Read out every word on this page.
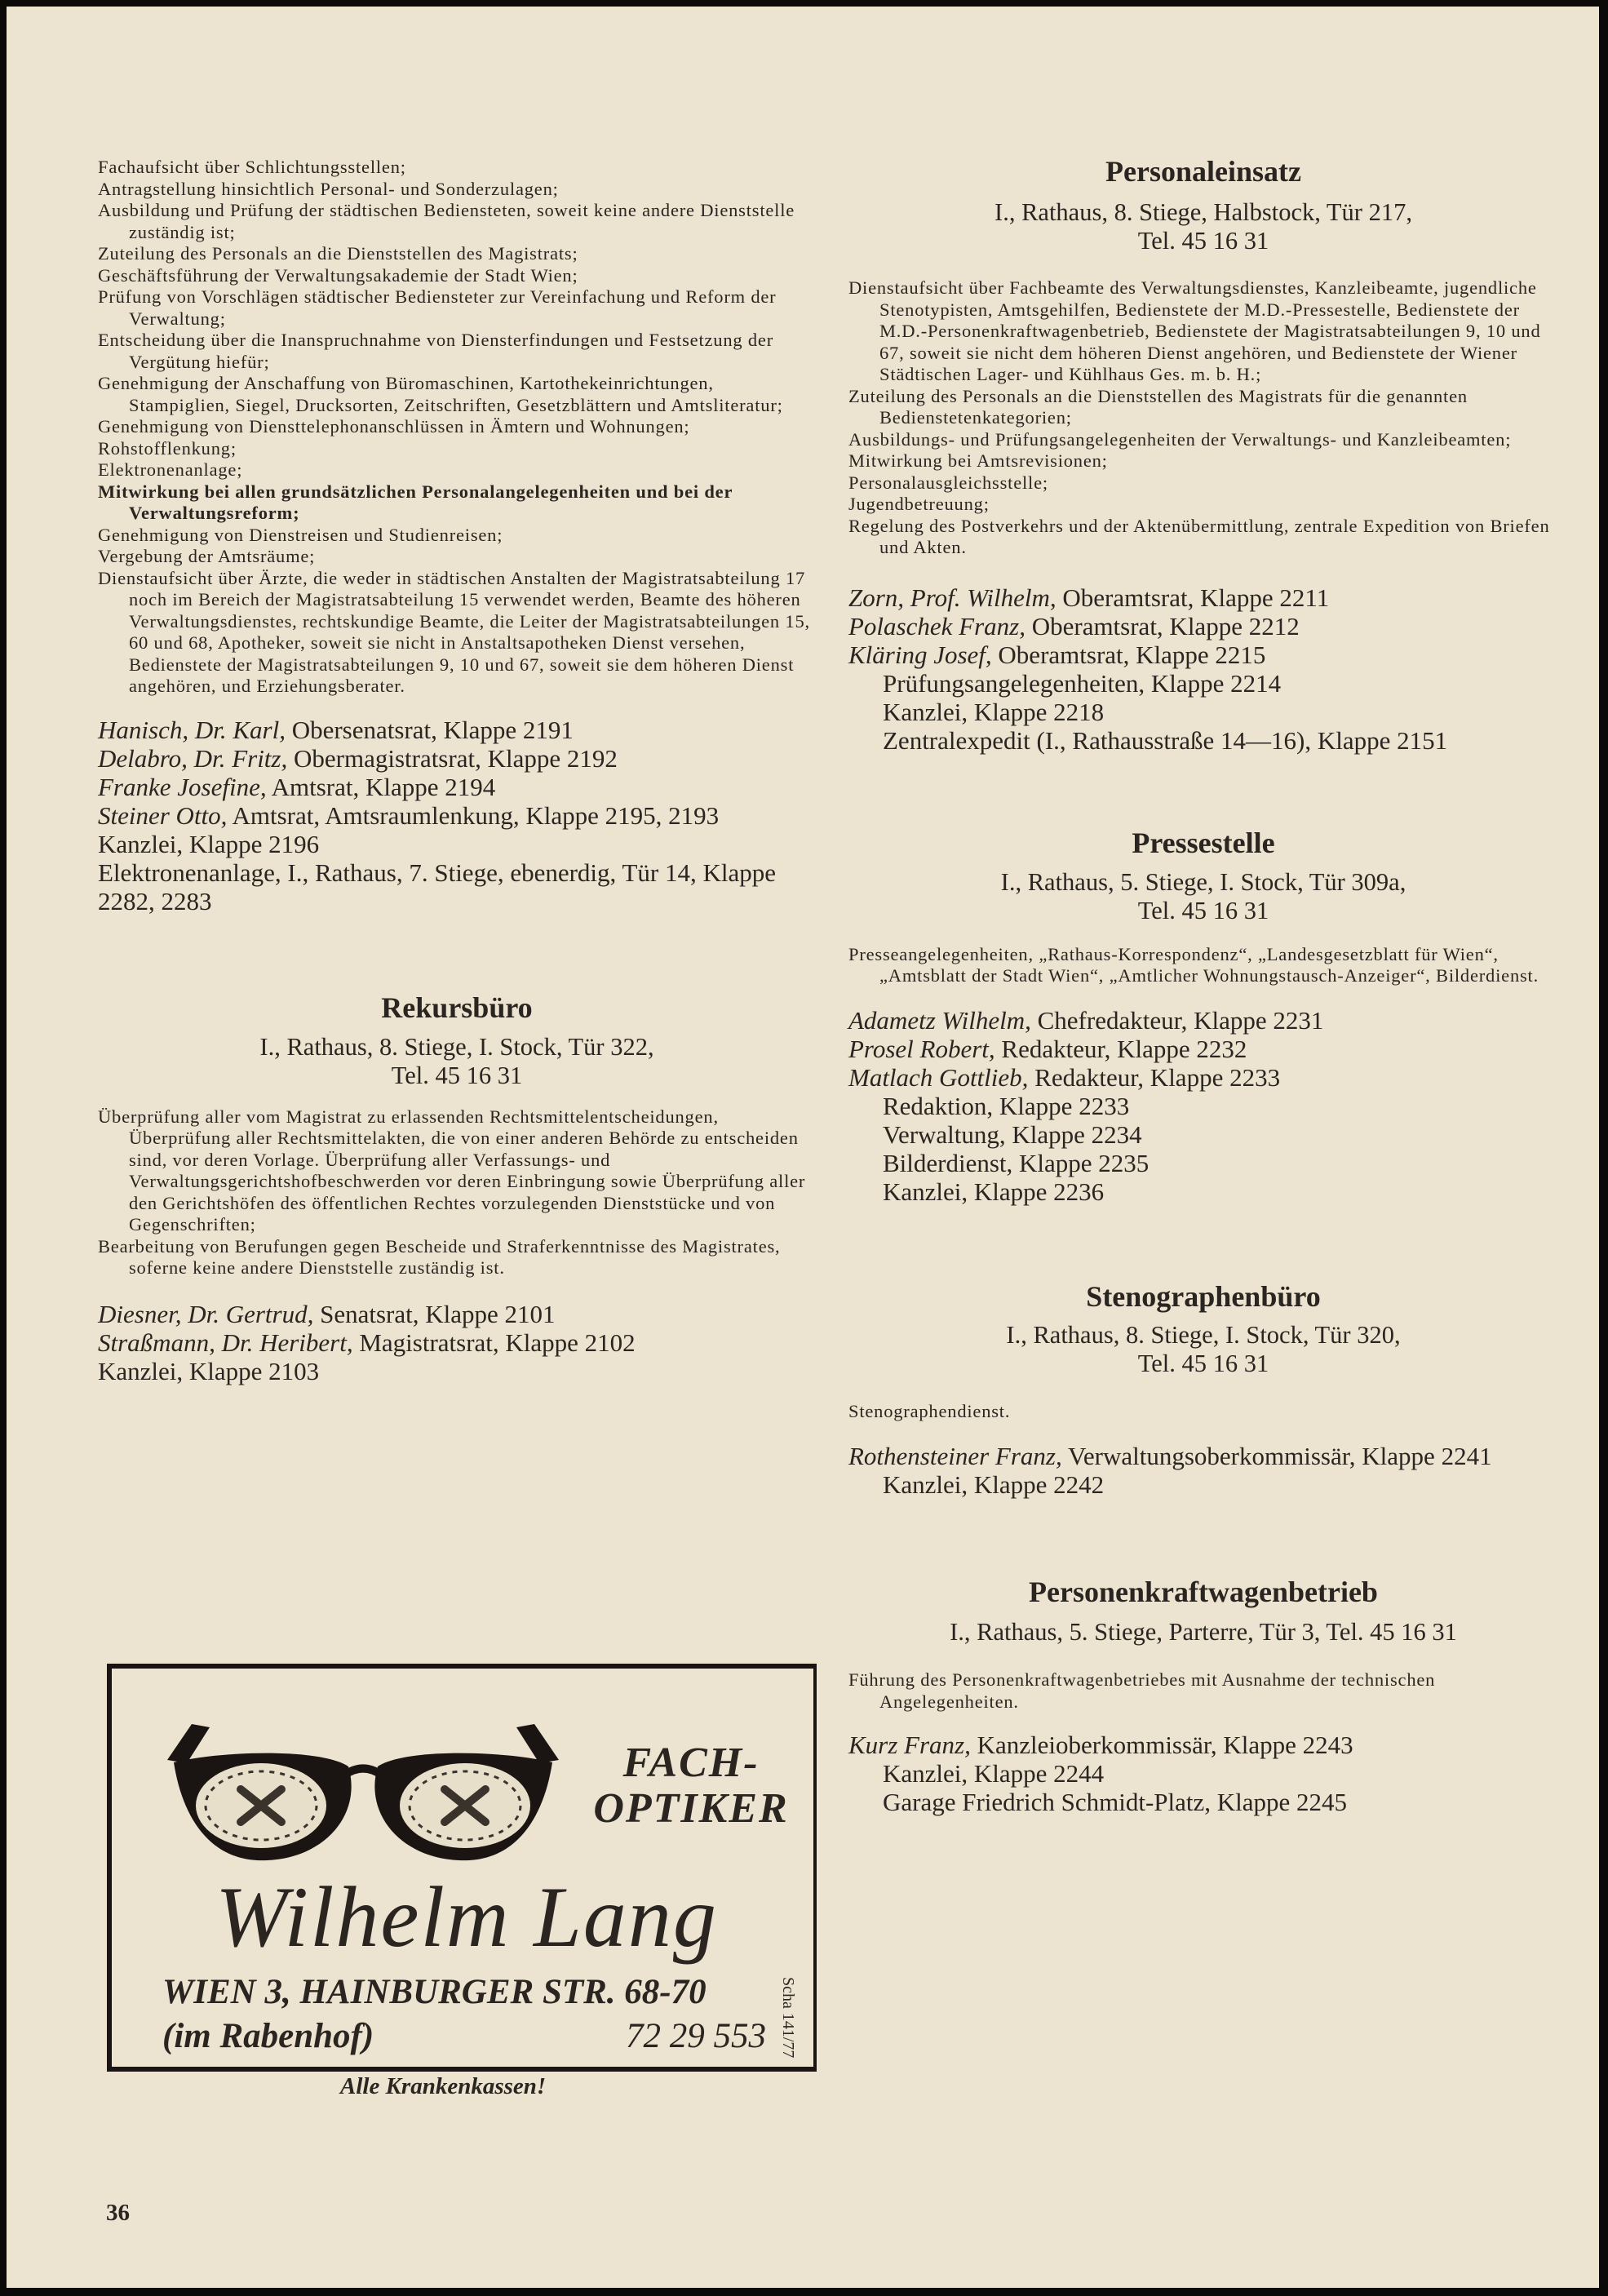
Fachaufsicht über Schlichtungsstellen;
Antragstellung hinsichtlich Personal- und Sonderzulagen;
Ausbildung und Prüfung der städtischen Bediensteten, soweit keine andere Dienststelle zuständig ist;
Zuteilung des Personals an die Dienststellen des Magistrats;
Geschäftsführung der Verwaltungsakademie der Stadt Wien;
Prüfung von Vorschlägen städtischer Bediensteter zur Vereinfachung und Reform der Verwaltung;
Entscheidung über die Inanspruchnahme von Diensterfindungen und Festsetzung der Vergütung hiefür;
Genehmigung der Anschaffung von Büromaschinen, Kartothekeinrichtungen, Stampiglien, Siegel, Drucksorten, Zeitschriften, Gesetzblättern und Amtsliteratur;
Genehmigung von Diensttelephonanschlüssen in Ämtern und Wohnungen;
Rohstofflenkung;
Elektronenanlage;
Mitwirkung bei allen grundsätzlichen Personalangelegenheiten und bei der Verwaltungsreform;
Genehmigung von Dienstreisen und Studienreisen;
Vergebung der Amtsräume;
Dienstaufsicht über Ärzte, die weder in städtischen Anstalten der Magistratsabteilung 17 noch im Bereich der Magistratsabteilung 15 verwendet werden, Beamte des höheren Verwaltungsdienstes, rechtskundige Beamte, die Leiter der Magistratsabteilungen 15, 60 und 68, Apotheker, soweit sie nicht in Anstaltsapotheken Dienst versehen, Bedienstete der Magistratsabteilungen 9, 10 und 67, soweit sie dem höheren Dienst angehören, und Erziehungsberater.
Hanisch, Dr. Karl, Obersenatsrat, Klappe 2191
Delabro, Dr. Fritz, Obermagistratsrat, Klappe 2192
Franke Josefine, Amtsrat, Klappe 2194
Steiner Otto, Amtsrat, Amtsraumlenkung, Klappe 2195, 2193
Kanzlei, Klappe 2196
Elektronenanlage, I., Rathaus, 7. Stiege, ebenerdig, Tür 14, Klappe 2282, 2283
Rekursbüro
I., Rathaus, 8. Stiege, I. Stock, Tür 322,
Tel. 45 16 31
Überprüfung aller vom Magistrat zu erlassenden Rechtsmittelentscheidungen, Überprüfung aller Rechtsmittelakten, die von einer anderen Behörde zu entscheiden sind, vor deren Vorlage. Überprüfung aller Verfassungs- und Verwaltungsgerichtshofbeschwerden vor deren Einbringung sowie Überprüfung aller den Gerichtshöfen des öffentlichen Rechtes vorzulegenden Dienststücke und von Gegenschriften;
Bearbeitung von Berufungen gegen Bescheide und Straferkenntnisse des Magistrates, soferne keine andere Dienststelle zuständig ist.
Diesner, Dr. Gertrud, Senatsrat, Klappe 2101
Straßmann, Dr. Heribert, Magistratsrat, Klappe 2102
Kanzlei, Klappe 2103
FACH-
OPTIKER
Wilhelm Lang
WIEN 3, HAINBURGER STR. 68-70
(im Rabenhof)	72 29 553
Alle Krankenkassen!
Scha 141/77
36
Personaleinsatz
I., Rathaus, 8. Stiege, Halbstock, Tür 217,
Tel. 45 16 31
Dienstaufsicht über Fachbeamte des Verwaltungsdienstes, Kanzleibeamte, jugendliche Stenotypisten, Amtsgehilfen, Bedienstete der M.D.-Pressestelle, Bedienstete der M.D.-Personenkraftwagenbetrieb, Bedienstete der Magistratsabteilungen 9, 10 und 67, soweit sie nicht dem höheren Dienst angehören, und Bedienstete der Wiener Städtischen Lager- und Kühlhaus Ges. m. b. H.;
Zuteilung des Personals an die Dienststellen des Magistrats für die genannten Bedienstetenkategorien;
Ausbildungs- und Prüfungsangelegenheiten der Verwaltungs- und Kanzleibeamten;
Mitwirkung bei Amtsrevisionen;
Personalausgleichsstelle;
Jugendbetreuung;
Regelung des Postverkehrs und der Aktenübermittlung, zentrale Expedition von Briefen und Akten.
Zorn, Prof. Wilhelm, Oberamtsrat, Klappe 2211
Polaschek Franz, Oberamtsrat, Klappe 2212
Kläring Josef, Oberamtsrat, Klappe 2215
Prüfungsangelegenheiten, Klappe 2214
Kanzlei, Klappe 2218
Zentralexpedit (I., Rathausstraße 14—16), Klappe 2151
Pressestelle
I., Rathaus, 5. Stiege, I. Stock, Tür 309a,
Tel. 45 16 31
Presseangelegenheiten, „Rathaus-Korrespondenz“, „Landesgesetzblatt für Wien“, „Amtsblatt der Stadt Wien“, „Amtlicher Wohnungstausch-Anzeiger“, Bilderdienst.
Adametz Wilhelm, Chefredakteur, Klappe 2231
Prosel Robert, Redakteur, Klappe 2232
Matlach Gottlieb, Redakteur, Klappe 2233
Redaktion, Klappe 2233
Verwaltung, Klappe 2234
Bilderdienst, Klappe 2235
Kanzlei, Klappe 2236
Stenographenbüro
I., Rathaus, 8. Stiege, I. Stock, Tür 320,
Tel. 45 16 31
Stenographendienst.
Rothensteiner Franz, Verwaltungsoberkommissär, Klappe 2241
Kanzlei, Klappe 2242
Personenkraftwagenbetrieb
I., Rathaus, 5. Stiege, Parterre, Tür 3, Tel. 45 16 31
Führung des Personenkraftwagenbetriebes mit Ausnahme der technischen Angelegenheiten.
Kurz Franz, Kanzleioberkommissär, Klappe 2243
Kanzlei, Klappe 2244
Garage Friedrich Schmidt-Platz, Klappe 2245
